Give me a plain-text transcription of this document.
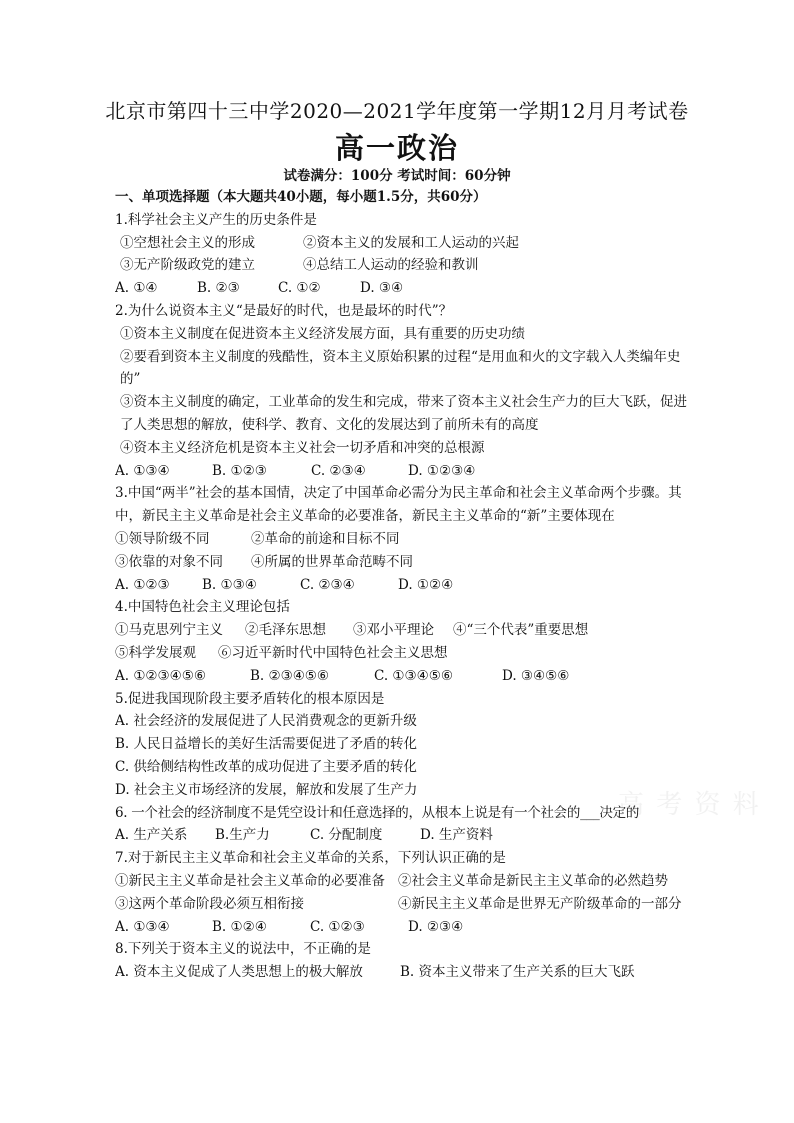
北京市第四十三中学2020—2021学年度第一学期12月月考试卷
高一政治
试卷满分：100分 考试时间：60分钟
高 考 资 料
一、单项选择题（本大题共40小题，每小题1.5分，共60分）
1.科学社会主义产生的历史条件是
①空想社会主义的形成	②资本主义的发展和工人运动的兴起
③无产阶级政党的建立	④总结工人运动的经验和教训
A. ①④	B. ②③	C. ①②	D. ③④
2.为什么说资本主义“是最好的时代，也是最坏的时代”？
①资本主义制度在促进资本主义经济发展方面，具有重要的历史功绩
②要看到资本主义制度的残酷性，资本主义原始积累的过程“是用血和火的文字载入人类编年史的”
③资本主义制度的确定，工业革命的发生和完成，带来了资本主义社会生产力的巨大飞跃，促进了人类思想的解放，使科学、教育、文化的发展达到了前所未有的高度
④资本主义经济危机是资本主义社会一切矛盾和冲突的总根源
A. ①③④	B. ①②③	C. ②③④	D. ①②③④
3.中国“两半”社会的基本国情，决定了中国革命必需分为民主革命和社会主义革命两个步骤。其中，新民主主义革命是社会主义革命的必要准备，新民主主义革命的“新”主要体现在
①领导阶级不同	②革命的前途和目标不同
③依靠的对象不同 ④所属的世界革命范畴不同
A. ①②③ B. ①③④	C. ②③④	D. ①②④
4.中国特色社会主义理论包括
①马克思列宁主义 ②毛泽东思想 ③邓小平理论 ④“三个代表”重要思想
⑤科学发展观 ⑥习近平新时代中国特色社会主义思想
A. ①②③④⑤⑥	B. ②③④⑤⑥	C. ①③④⑤⑥	D. ③④⑤⑥
5.促进我国现阶段主要矛盾转化的根本原因是
A. 社会经济的发展促进了人民消费观念的更新升级
B. 人民日益增长的美好生活需要促进了矛盾的转化
C. 供给侧结构性改革的成功促进了主要矛盾的转化
D. 社会主义市场经济的发展，解放和发展了生产力
6. 一个社会的经济制度不是凭空设计和任意选择的，从根本上说是有一个社会的___决定的
A. 生产关系 B.生产力	C. 分配制度	D. 生产资料
7.对于新民主主义革命和社会主义革命的关系，下列认识正确的是
①新民主主义革命是社会主义革命的必要准备 ②社会主义革命是新民主主义革命的必然趋势
③这两个革命阶段必须互相衔接	④新民主主义革命是世界无产阶级革命的一部分
A. ①③④	B. ①②④	C. ①②③	D. ②③④
8.下列关于资本主义的说法中，不正确的是
A. 资本主义促成了人类思想上的极大解放	B. 资本主义带来了生产关系的巨大飞跃
